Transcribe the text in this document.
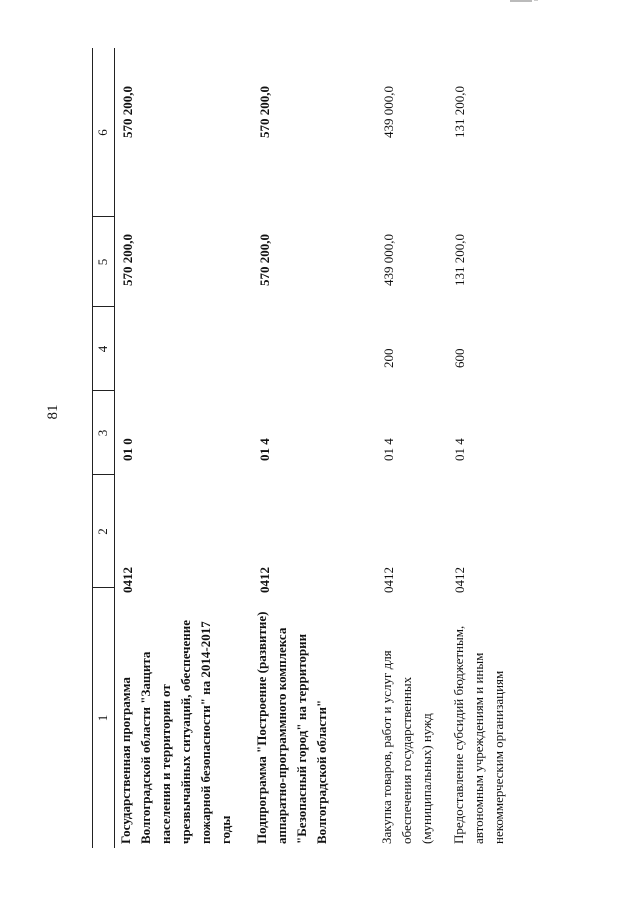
81
1
2
3
4
5
6
Государственная программа Волгоградской области "Защита населения и территории от чрезвычайных ситуаций, обеспечение пожарной безопасности" на 2014-2017 годы
0412
01 0
570 200,0
570 200,0
Подпрограмма "Построение (развитие) аппаратно-программного комплекса "Безопасный город" на территории Волгоградской области"
0412
01 4
570 200,0
570 200,0
Закупка товаров, работ и услуг для обеспечения государственных (муниципальных) нужд
0412
01 4
200
439 000,0
439 000,0
Предоставление субсидий бюджетным, автономным учреждениям и иным некоммерческим организациям
0412
01 4
600
131 200,0
131 200,0
